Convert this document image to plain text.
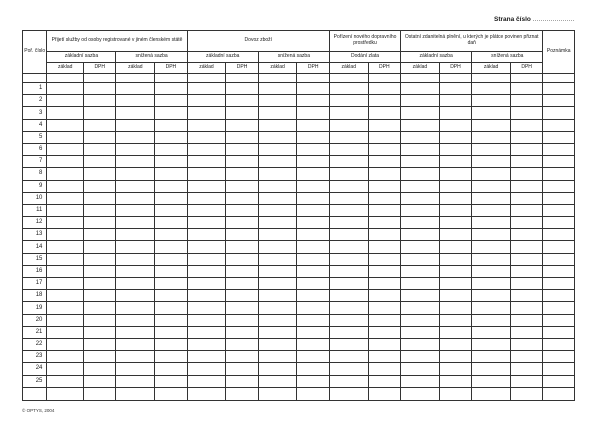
Strana číslo .....................
Poř. číslo	Přijetí služby od osoby registrované v jiném členském státě				Dovoz zboží				Pořízení nového dopravního prostředku		Ostatní zdanitelná plnění, u kterých je plátce povinen přiznat daň				Poznámka
	základní sazba		snížená sazba		základní sazba		snížená sazba		Dodání zlata		základní sazba		snížená sazba		
	základ	DPH	základ	DPH	základ	DPH	základ	DPH	základ	DPH	základ	DPH	základ	DPH	

1															
2															
3															
4															
5															
6															
7															
8															
9															
10															
11															
12															
13															
14															
15															
16															
17															
18															
19															
20															
21															
22															
23															
24															
25															

© OPTYS, 2004
